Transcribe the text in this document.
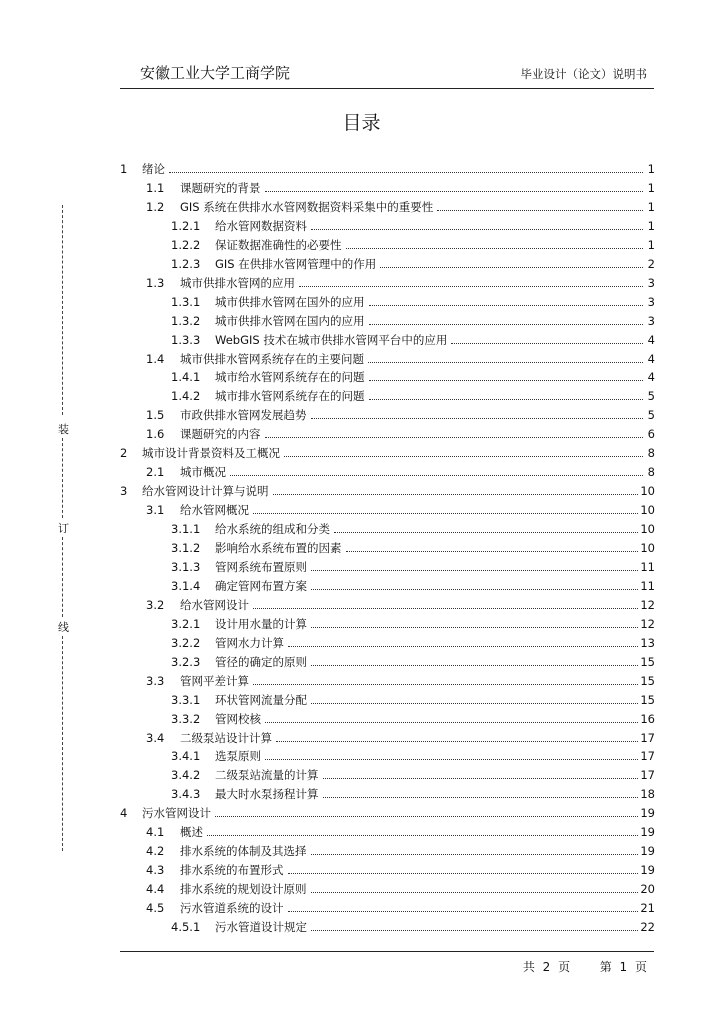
安徽工业大学工商学院	毕业设计（论文）说明书
目录
装
订
线
1	绪论	1
1.1	课题研究的背景	1
1.2	GIS 系统在供排水水管网数据资料采集中的重要性	1
1.2.1	给水管网数据资料	1
1.2.2	保证数据准确性的必要性	1
1.2.3	GIS 在供排水管网管理中的作用	2
1.3	城市供排水管网的应用	3
1.3.1	城市供排水管网在国外的应用	3
1.3.2	城市供排水管网在国内的应用	3
1.3.3	WebGIS 技术在城市供排水管网平台中的应用	4
1.4	城市供排水管网系统存在的主要问题	4
1.4.1	城市给水管网系统存在的问题	4
1.4.2	城市排水管网系统存在的问题	5
1.5	市政供排水管网发展趋势	5
1.6	课题研究的内容	6
2	城市设计背景资料及工概况	8
2.1	城市概况	8
3	给水管网设计计算与说明	10
3.1	给水管网概况	10
3.1.1	给水系统的组成和分类	10
3.1.2	影响给水系统布置的因素	10
3.1.3	管网系统布置原则	11
3.1.4	确定管网布置方案	11
3.2	给水管网设计	12
3.2.1	设计用水量的计算	12
3.2.2	管网水力计算	13
3.2.3	管径的确定的原则	15
3.3	管网平差计算	15
3.3.1	环状管网流量分配	15
3.3.2	管网校核	16
3.4	二级泵站设计计算	17
3.4.1	选泵原则	17
3.4.2	二级泵站流量的计算	17
3.4.3	最大时水泵扬程计算	18
4	污水管网设计	19
4.1	概述	19
4.2	排水系统的体制及其选择	19
4.3	排水系统的布置形式	19
4.4	排水系统的规划设计原则	20
4.5	污水管道系统的设计	21
4.5.1	污水管道设计规定	22
共 2 页 第 1 页
